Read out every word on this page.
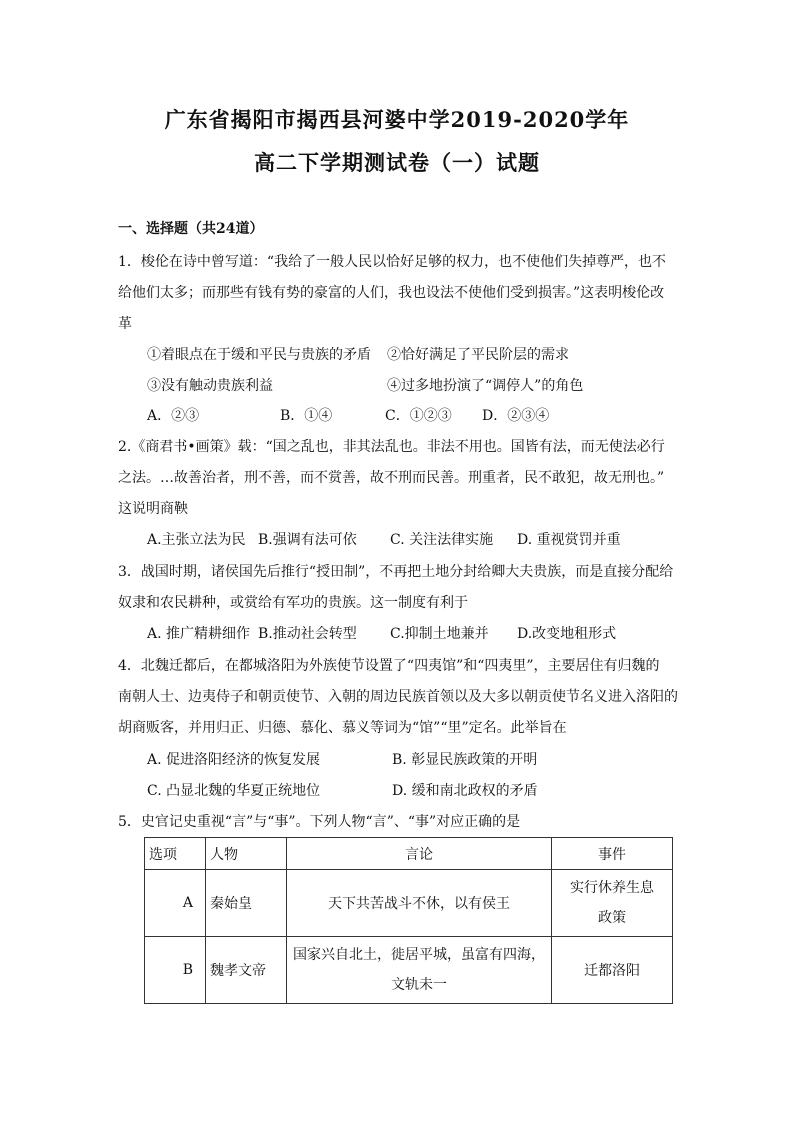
广东省揭阳市揭西县河婆中学2019-2020学年
高二下学期测试卷（一）试题
一、选择题（共24道）
1．梭伦在诗中曾写道：“我给了一般人民以恰好足够的权力，也不使他们失掉尊严，也不
给他们太多；而那些有钱有势的豪富的人们，我也设法不使他们受到损害。”这表明梭伦改
革
①着眼点在于缓和平民与贵族的矛盾 ②恰好满足了平民阶层的需求
③没有触动贵族利益	④过多地扮演了“调停人”的角色
A．②③	B．①④	C．①②③ D．②③④
2.《商君书•画策》载：“国之乱也，非其法乱也。非法不用也。国皆有法，而无使法必行
之法。…故善治者，刑不善，而不赏善，故不刑而民善。刑重者，民不敢犯，故无刑也。”
这说明商鞅
A.主张立法为民 B.强调有法可依 C. 关注法律实施 D. 重视赏罚并重
3．战国时期，诸侯国先后推行“授田制”，不再把土地分封给卿大夫贵族，而是直接分配给
奴隶和农民耕种，或赏给有军功的贵族。这一制度有利于
A. 推广精耕细作 B.推动社会转型 C.抑制土地兼并 D.改变地租形式
4．北魏迁都后，在都城洛阳为外族使节设置了“四夷馆”和“四夷里”，主要居住有归魏的
南朝人士、边夷侍子和朝贡使节、入朝的周边民族首领以及大多以朝贡使节名义进入洛阳的
胡商贩客，并用归正、归德、慕化、慕义等词为“馆”“里”定名。此举旨在
A. 促进洛阳经济的恢复发展	B. 彰显民族政策的开明
C. 凸显北魏的华夏正统地位	D. 缓和南北政权的矛盾
5．史官记史重视“言”与“事”。下列人物“言”、“事”对应正确的是
选项	人物	言论	事件
A	秦始皇	天下共苦战斗不休，以有侯王	实行休养生息
政策

B	魏孝文帝	国家兴自北土，徙居平城，虽富有四海，
文轨未一	迁都洛阳
